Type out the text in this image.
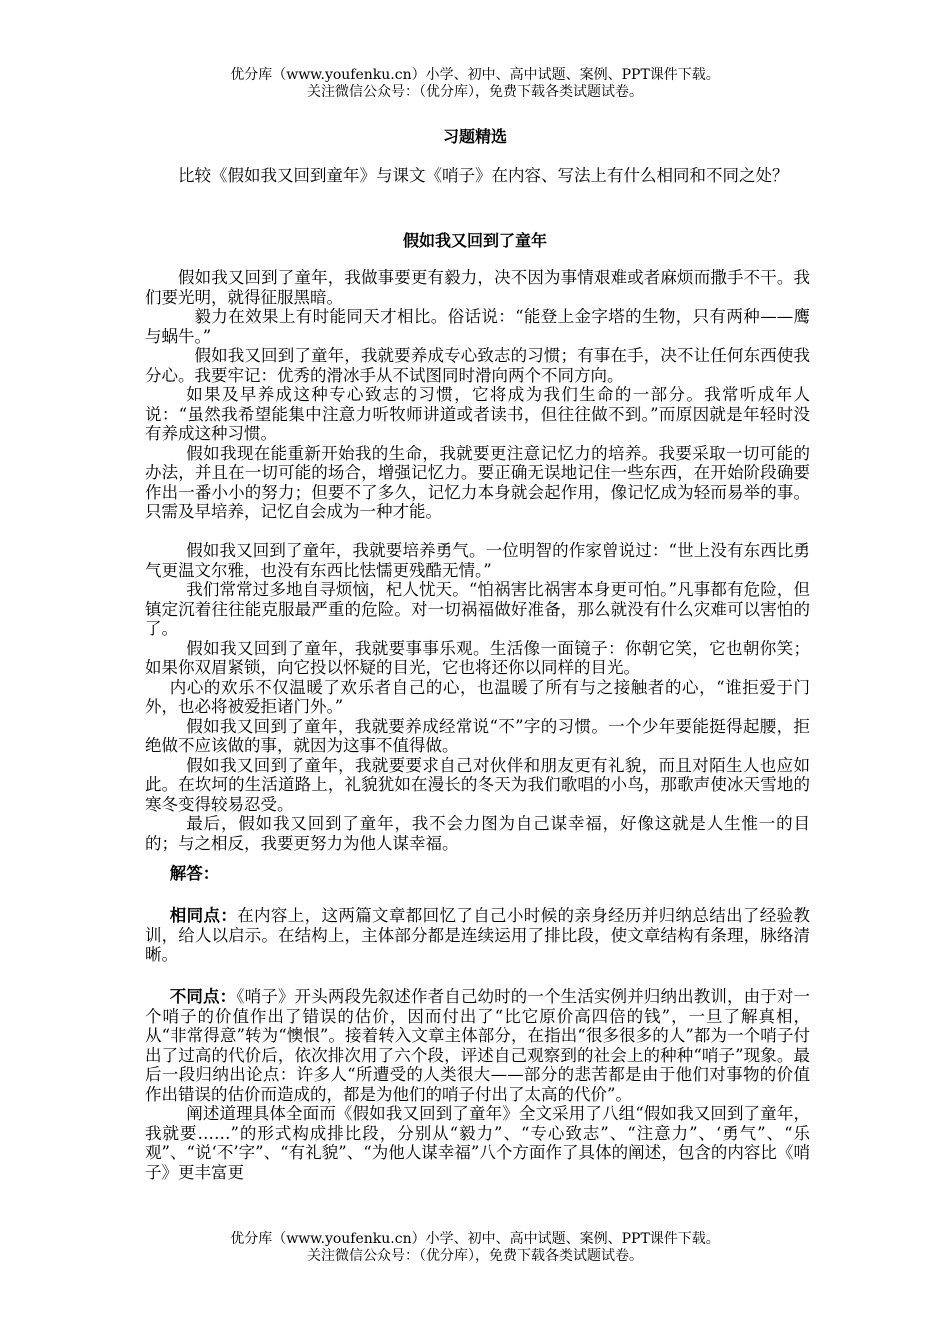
优分库（www.youfenku.cn）小学、初中、高中试题、案例、PPT课件下载。
关注微信公众号：（优分库），免费下载各类试题试卷。
习题精选

比较《假如我又回到童年》与课文《哨子》在内容、写法上有什么相同和不同之处？

假如我又回到了童年

假如我又回到了童年，我做事要更有毅力，决不因为事情艰难或者麻烦而撒手不干。我们要光明，就得征服黑暗。

毅力在效果上有时能同天才相比。俗话说：“能登上金字塔的生物，只有两种——鹰与蜗牛。”

假如我又回到了童年，我就要养成专心致志的习惯；有事在手，决不让任何东西使我分心。我要牢记：优秀的滑冰手从不试图同时滑向两个不同方向。

如果及早养成这种专心致志的习惯，它将成为我们生命的一部分。我常听成年人说：“虽然我希望能集中注意力听牧师讲道或者读书，但往往做不到。”而原因就是年轻时没有养成这种习惯。

假如我现在能重新开始我的生命，我就要更注意记忆力的培养。我要采取一切可能的办法，并且在一切可能的场合，增强记忆力。要正确无误地记住一些东西，在开始阶段确要作出一番小小的努力；但要不了多久，记忆力本身就会起作用，像记忆成为轻而易举的事。只需及早培养，记忆自会成为一种才能。

假如我又回到了童年，我就要培养勇气。一位明智的作家曾说过：“世上没有东西比勇气更温文尔雅，也没有东西比怯懦更残酷无情。”

我们常常过多地自寻烦恼，杞人忧天。“怕祸害比祸害本身更可怕。”凡事都有危险，但镇定沉着往往能克服最严重的危险。对一切祸福做好准备，那么就没有什么灾难可以害怕的了。

假如我又回到了童年，我就要事事乐观。生活像一面镜子：你朝它笑，它也朝你笑；如果你双眉紧锁，向它投以怀疑的目光，它也将还你以同样的目光。

内心的欢乐不仅温暖了欢乐者自己的心，也温暖了所有与之接触者的心，“谁拒爱于门外，也必将被爱拒诸门外。”

假如我又回到了童年，我就要养成经常说“不”字的习惯。一个少年要能挺得起腰，拒绝做不应该做的事，就因为这事不值得做。

假如我又回到了童年，我就要要求自己对伙伴和朋友更有礼貌，而且对陌生人也应如此。在坎坷的生活道路上，礼貌犹如在漫长的冬天为我们歌唱的小鸟，那歌声使冰天雪地的寒冬变得较易忍受。

最后，假如我又回到了童年，我不会力图为自己谋幸福，好像这就是人生惟一的目的；与之相反，我要更努力为他人谋幸福。

解答：

相同点：在内容上，这两篇文章都回忆了自己小时候的亲身经历并归纳总结出了经验教训，给人以启示。在结构上，主体部分都是连续运用了排比段，使文章结构有条理，脉络清晰。

不同点：《哨子》开头两段先叙述作者自己幼时的一个生活实例并归纳出教训，由于对一个哨子的价值作出了错误的估价，因而付出了“比它原价高四倍的钱”，一旦了解真相，从“非常得意”转为“懊恨”。接着转入文章主体部分，在指出“很多很多的人”都为一个哨子付出了过高的代价后，依次排次用了六个段，评述自己观察到的社会上的种种“哨子”现象。最后一段归纳出论点：许多人“所遭受的人类很大——部分的悲苦都是由于他们对事物的价值作出错误的估价而造成的，都是为他们的哨子付出了太高的代价”。

阐述道理具体全面而《假如我又回到了童年》全文采用了八组“假如我又回到了童年，我就要……”的形式构成排比段，分别从“毅力”、“专心致志”、“注意力”、‘勇气”、“乐观”、“说‘不’字”、“有礼貌”、“为他人谋幸福”八个方面作了具体的阐述，包含的内容比《哨子》更丰富更

优分库（www.youfenku.cn）小学、初中、高中试题、案例、PPT课件下载。
关注微信公众号：（优分库），免费下载各类试题试卷。
